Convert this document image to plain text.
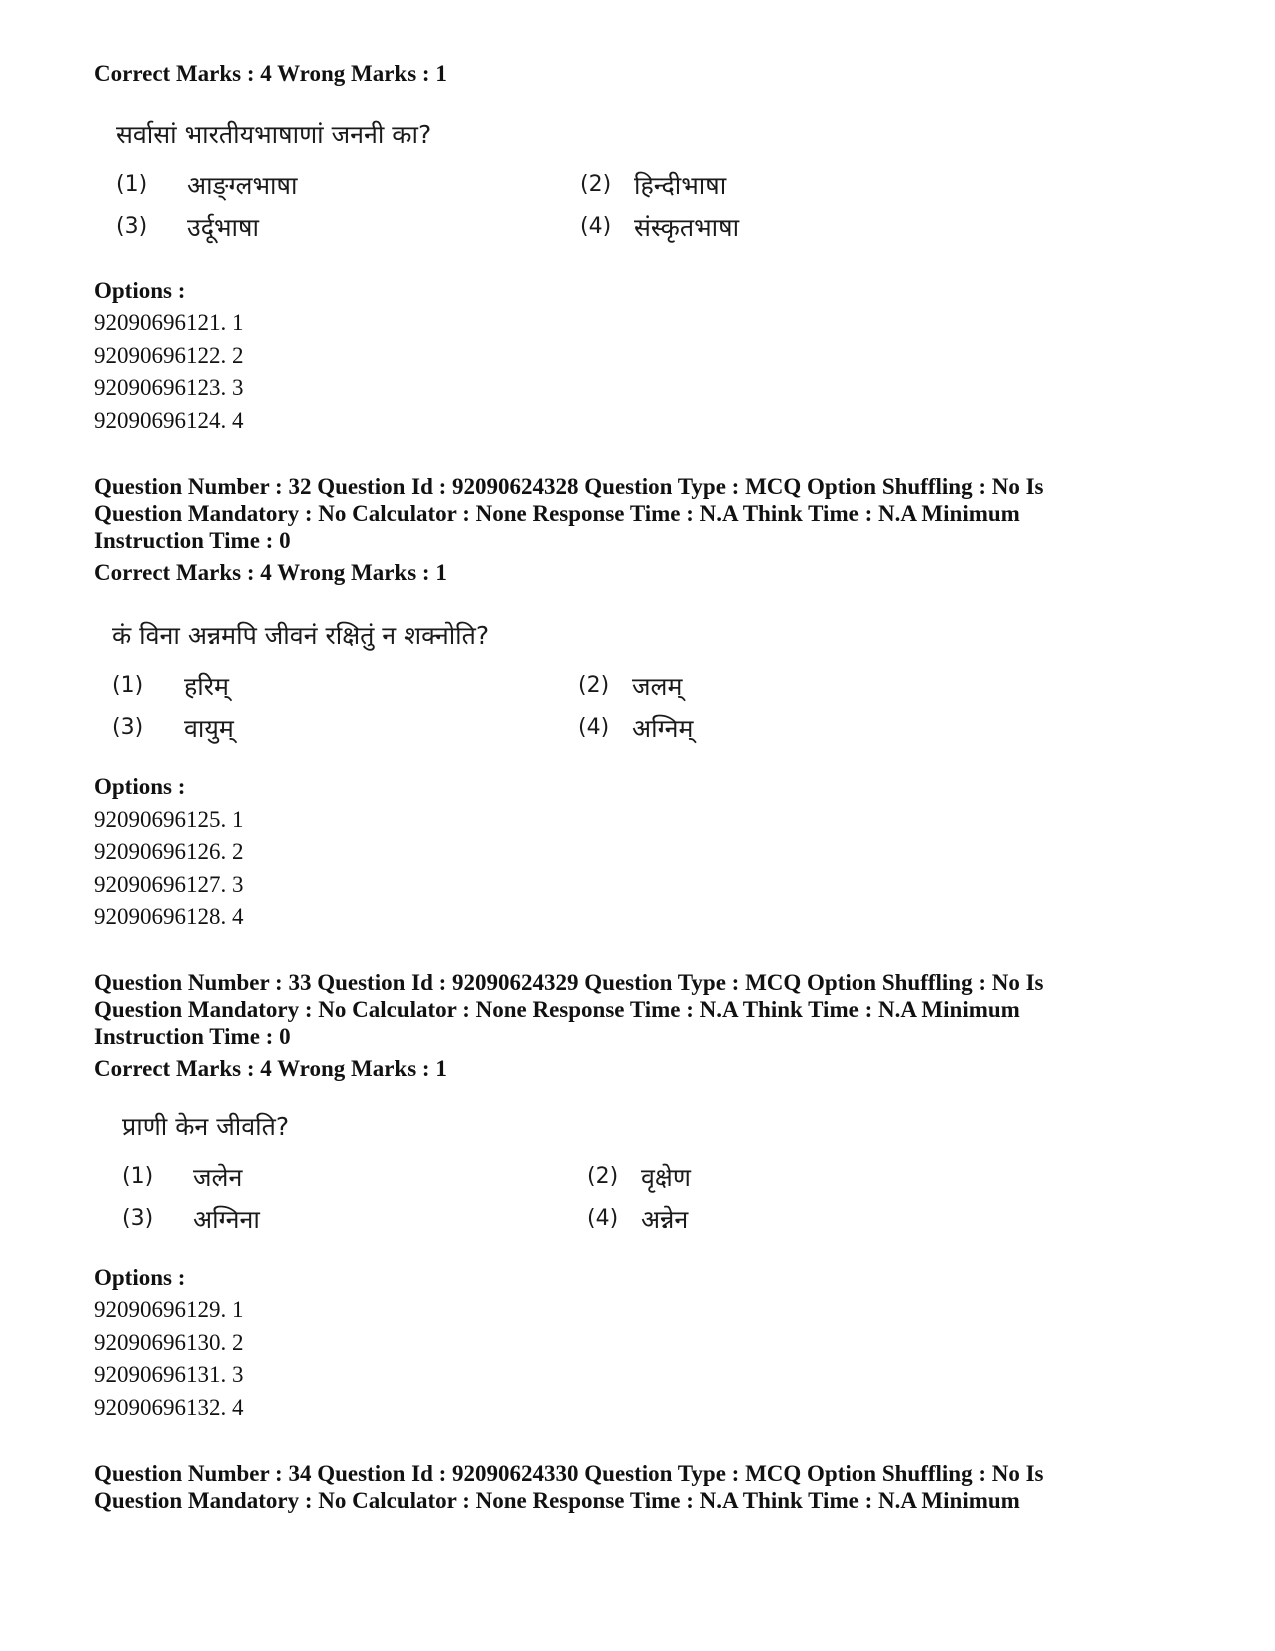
Correct Marks : 4 Wrong Marks : 1
सर्वासां भारतीयभाषाणां जननी का?
(1) आङ्ग्लभाषा	(2) हिन्दीभाषा
(3) उर्दूभाषा	(4) संस्कृतभाषा
Options :
92090696121. 1
92090696122. 2
92090696123. 3
92090696124. 4
Question Number : 32 Question Id : 92090624328 Question Type : MCQ Option Shuffling : No Is
Question Mandatory : No Calculator : None Response Time : N.A Think Time : N.A Minimum
Instruction Time : 0
Correct Marks : 4 Wrong Marks : 1
कं विना अन्नमपि जीवनं रक्षितुं न शक्नोति?
(1) हरिम्	(2) जलम्
(3) वायुम्	(4) अग्निम्
Options :
92090696125. 1
92090696126. 2
92090696127. 3
92090696128. 4
Question Number : 33 Question Id : 92090624329 Question Type : MCQ Option Shuffling : No Is
Question Mandatory : No Calculator : None Response Time : N.A Think Time : N.A Minimum
Instruction Time : 0
Correct Marks : 4 Wrong Marks : 1
प्राणी केन जीवति?
(1) जलेन	(2) वृक्षेण
(3) अग्निना	(4) अन्नेन
Options :
92090696129. 1
92090696130. 2
92090696131. 3
92090696132. 4
Question Number : 34 Question Id : 92090624330 Question Type : MCQ Option Shuffling : No Is
Question Mandatory : No Calculator : None Response Time : N.A Think Time : N.A Minimum
